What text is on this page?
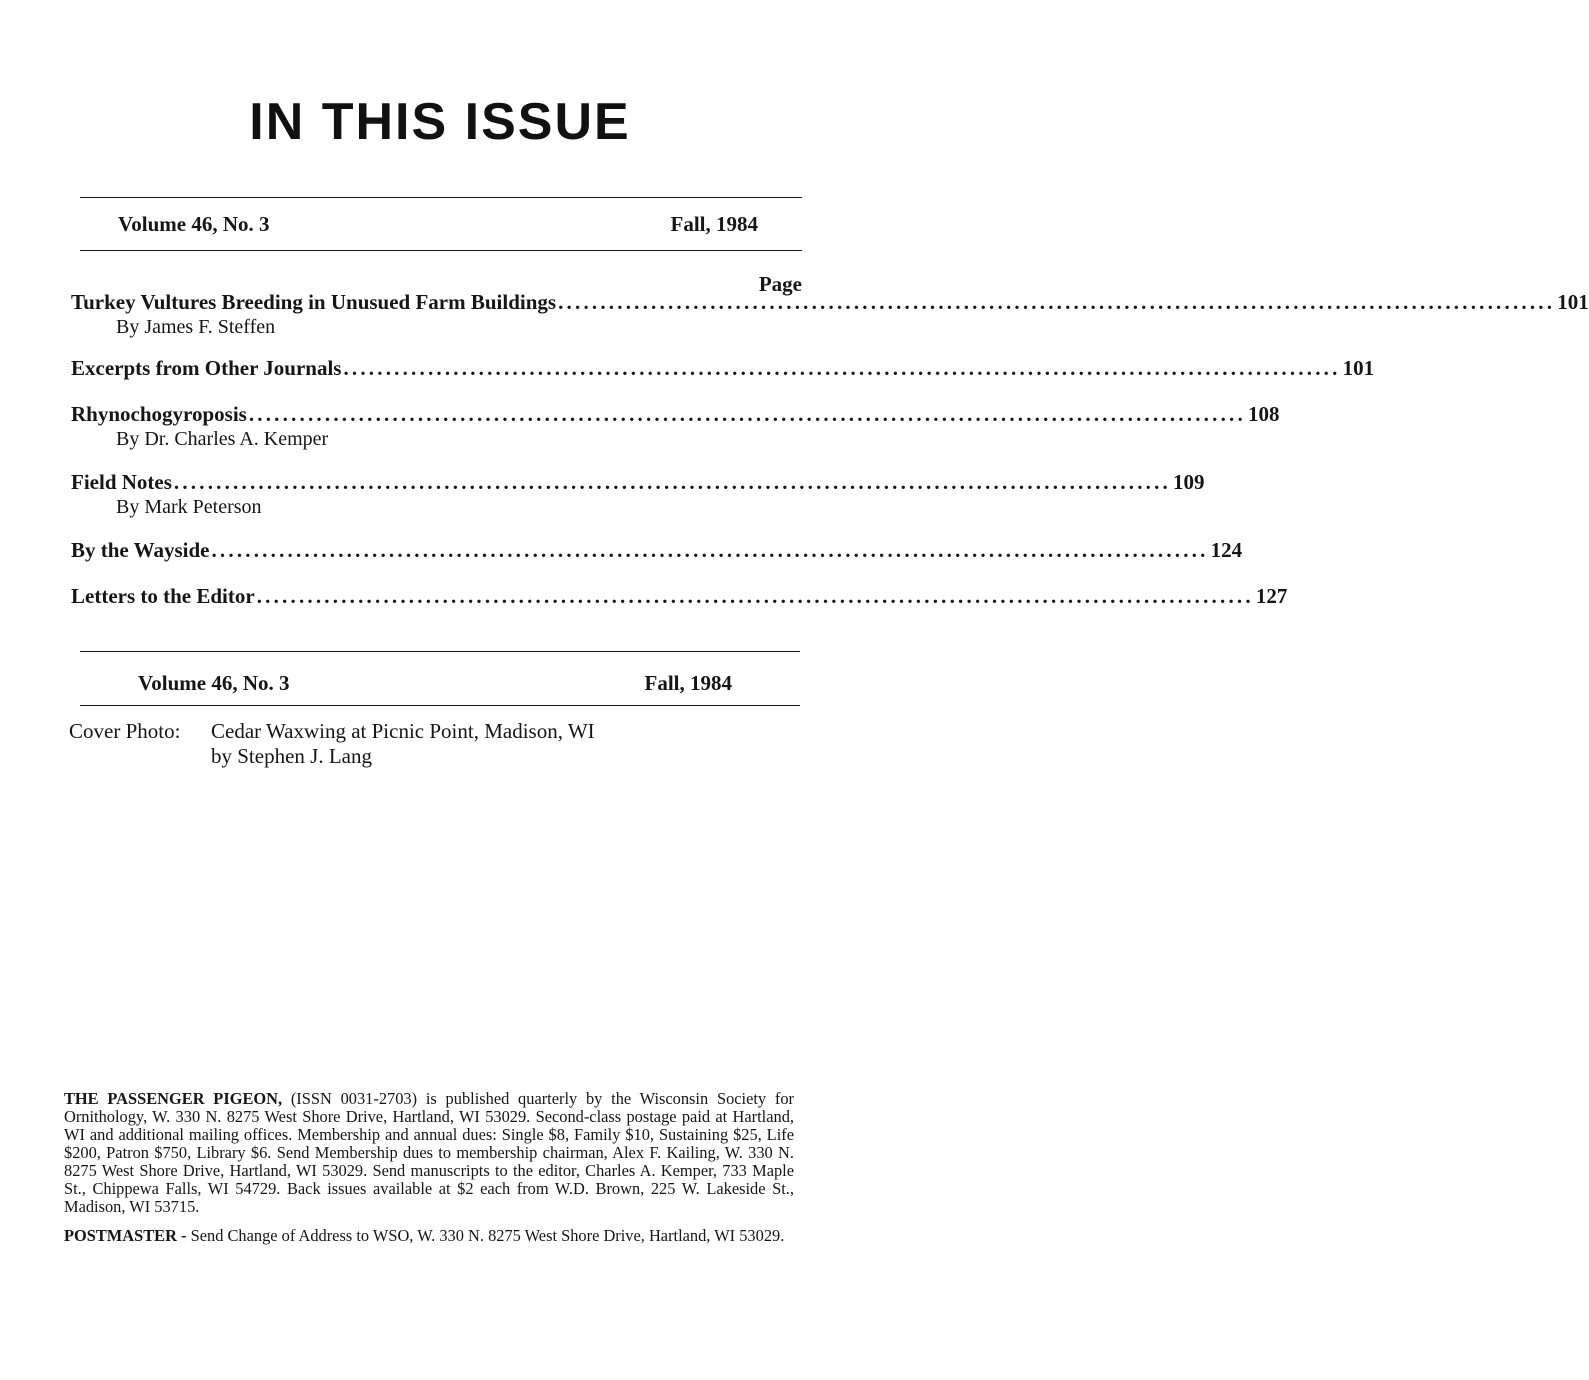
IN THIS ISSUE
Volume 46, No. 3	Fall, 1984
Page
Turkey Vultures Breeding in Unusued Farm Buildings ...................................................................................................................... 101
By James F. Steffen
Excerpts from Other Journals ...................................................................................................................... 101
Rhynochogyroposis ...................................................................................................................... 108
By Dr. Charles A. Kemper
Field Notes ...................................................................................................................... 109
By Mark Peterson
By the Wayside ...................................................................................................................... 124
Letters to the Editor ...................................................................................................................... 127
Volume 46, No. 3	Fall, 1984
Cover Photo:	Cedar Waxwing at Picnic Point, Madison, WI
by Stephen J. Lang

THE PASSENGER PIGEON, (ISSN 0031-2703) is published quarterly by the Wisconsin Society for Ornithology, W. 330 N. 8275 West Shore Drive, Hartland, WI 53029. Second-class postage paid at Hartland, WI and additional mailing offices. Membership and annual dues: Single $8, Family $10, Sustaining $25, Life $200, Patron $750, Library $6. Send Membership dues to membership chairman, Alex F. Kailing, W. 330 N. 8275 West Shore Drive, Hartland, WI 53029. Send manuscripts to the editor, Charles A. Kemper, 733 Maple St., Chippewa Falls, WI 54729. Back issues available at $2 each from W.D. Brown, 225 W. Lakeside St., Madison, WI 53715.

POSTMASTER - Send Change of Address to WSO, W. 330 N. 8275 West Shore Drive, Hartland, WI 53029.
